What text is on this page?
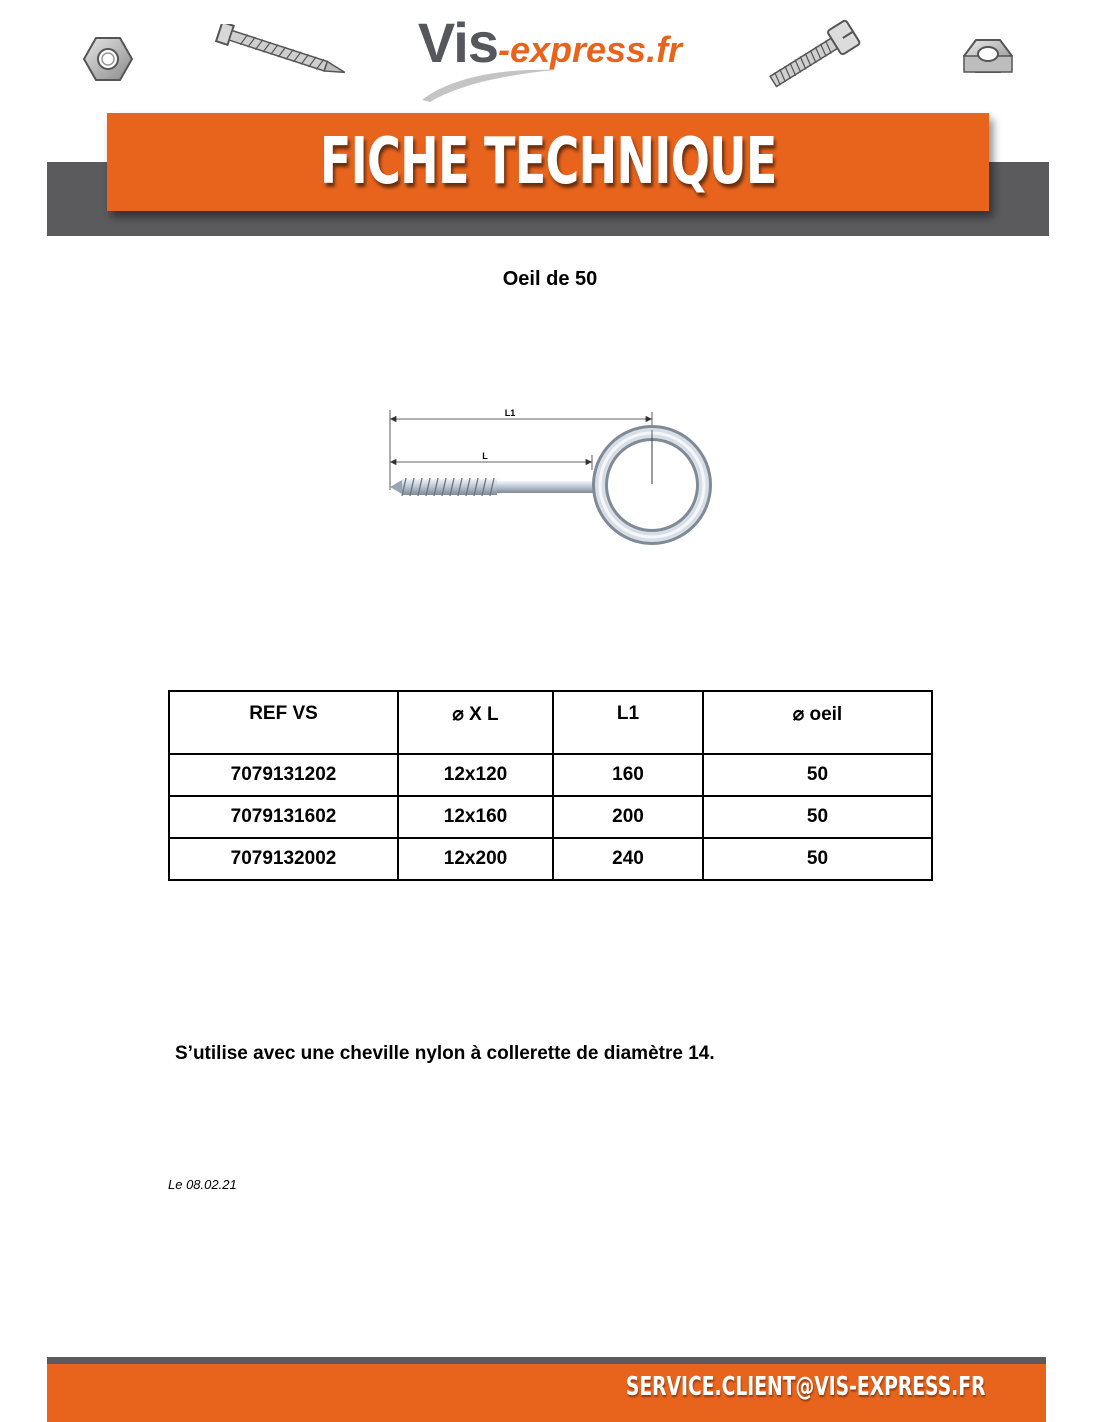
Vis-express.fr
FICHE TECHNIQUE
Oeil de 50
L1
L
REF VS	⌀ X L	L1	⌀ oeil
7079131202	12x120	160	50
7079131602	12x160	200	50
7079132002	12x200	240	50
S’utilise avec une cheville nylon à collerette de diamètre 14.
Le 08.02.21
SERVICE.CLIENT@VIS-EXPRESS.FR
